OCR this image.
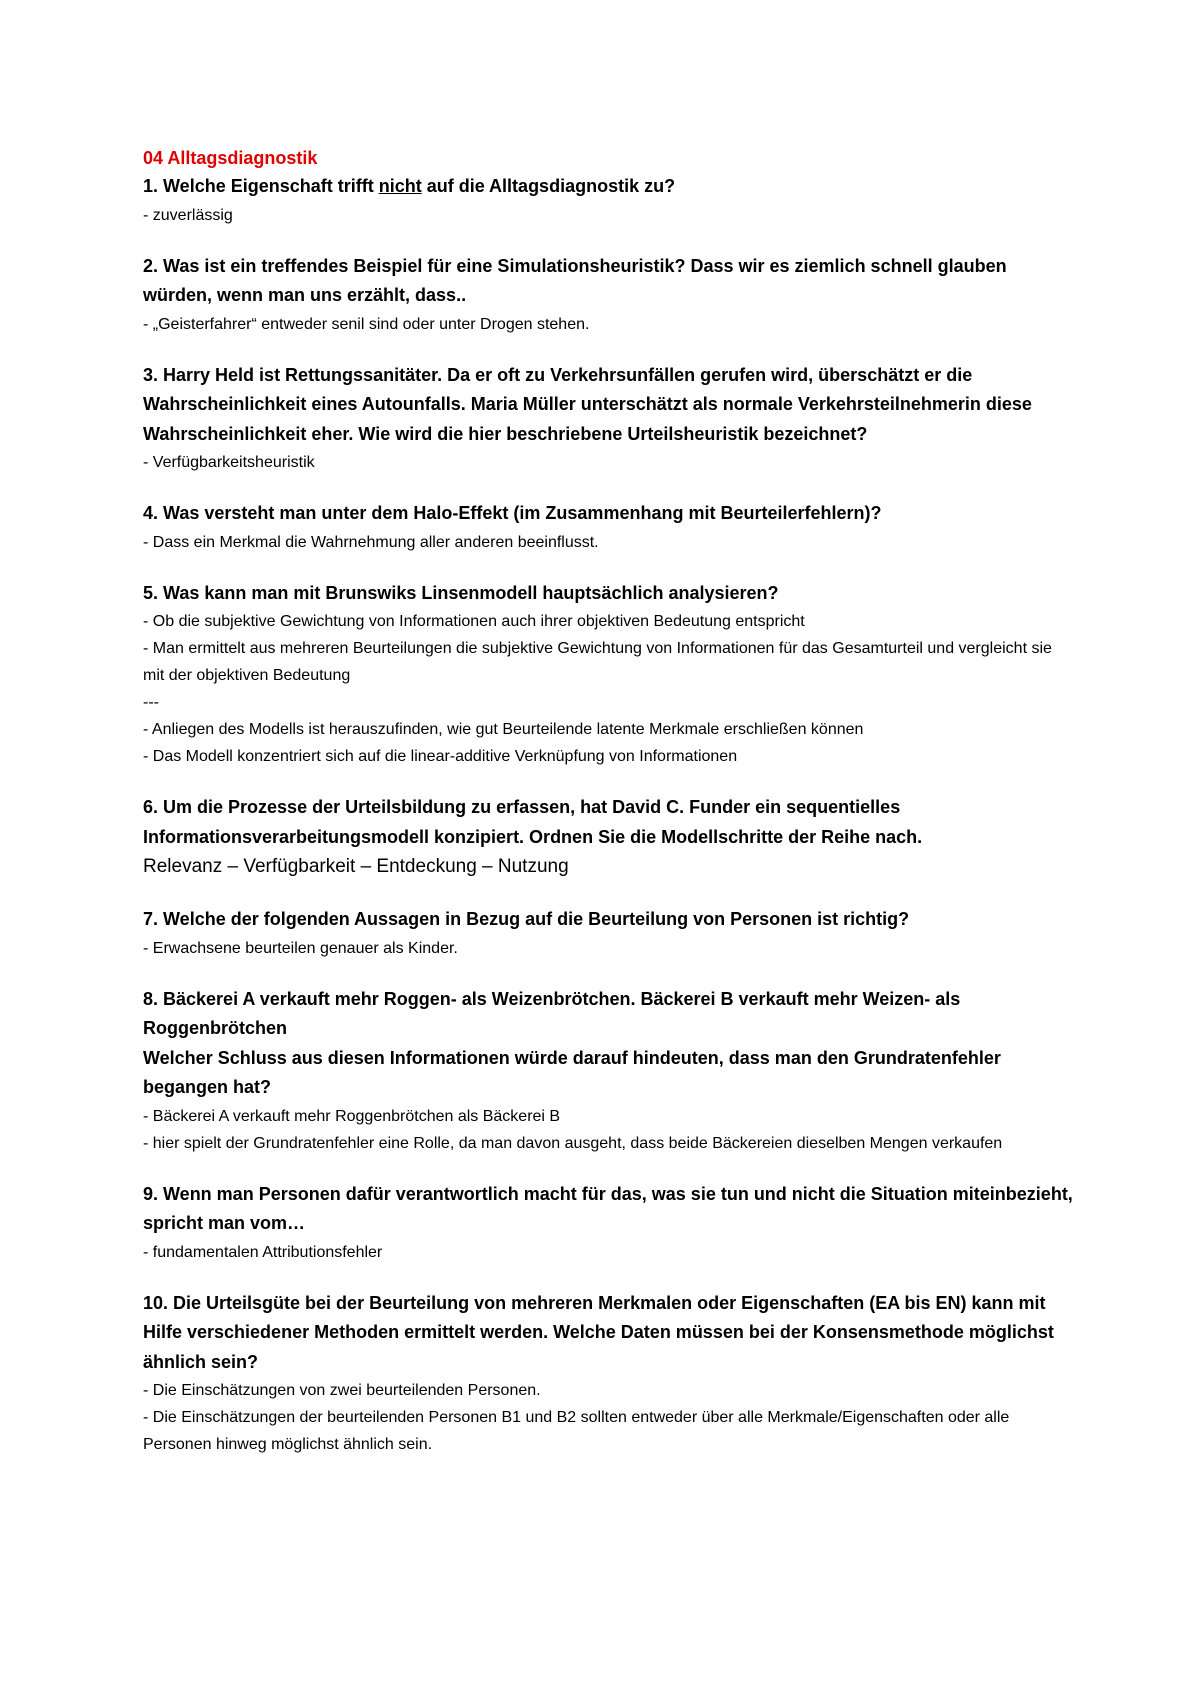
04 Alltagsdiagnostik
1. Welche Eigenschaft trifft nicht auf die Alltagsdiagnostik zu?
- zuverlässig
2. Was ist ein treffendes Beispiel für eine Simulationsheuristik? Dass wir es ziemlich schnell glauben würden, wenn man uns erzählt, dass..
- „Geisterfahrer“ entweder senil sind oder unter Drogen stehen.
3. Harry Held ist Rettungssanitäter. Da er oft zu Verkehrsunfällen gerufen wird, überschätzt er die Wahrscheinlichkeit eines Autounfalls. Maria Müller unterschätzt als normale Verkehrsteilnehmerin diese Wahrscheinlichkeit eher. Wie wird die hier beschriebene Urteilsheuristik bezeichnet?
- Verfügbarkeitsheuristik
4. Was versteht man unter dem Halo-Effekt (im Zusammenhang mit Beurteilerfehlern)?
- Dass ein Merkmal die Wahrnehmung aller anderen beeinflusst.
5. Was kann man mit Brunswiks Linsenmodell hauptsächlich analysieren?
- Ob die subjektive Gewichtung von Informationen auch ihrer objektiven Bedeutung entspricht
- Man ermittelt aus mehreren Beurteilungen die subjektive Gewichtung von Informationen für das Gesamturteil und vergleicht sie mit der objektiven Bedeutung
---
- Anliegen des Modells ist herauszufinden, wie gut Beurteilende latente Merkmale erschließen können
- Das Modell konzentriert sich auf die linear-additive Verknüpfung von Informationen
6. Um die Prozesse der Urteilsbildung zu erfassen, hat David C. Funder ein sequentielles Informationsverarbeitungsmodell konzipiert. Ordnen Sie die Modellschritte der Reihe nach.
Relevanz – Verfügbarkeit – Entdeckung – Nutzung
7. Welche der folgenden Aussagen in Bezug auf die Beurteilung von Personen ist richtig?
- Erwachsene beurteilen genauer als Kinder.
8. Bäckerei A verkauft mehr Roggen- als Weizenbrötchen. Bäckerei B verkauft mehr Weizen- als Roggenbrötchen
Welcher Schluss aus diesen Informationen würde darauf hindeuten, dass man den Grundratenfehler begangen hat?
- Bäckerei A verkauft mehr Roggenbrötchen als Bäckerei B
- hier spielt der Grundratenfehler eine Rolle, da man davon ausgeht, dass beide Bäckereien dieselben Mengen verkaufen
9. Wenn man Personen dafür verantwortlich macht für das, was sie tun und nicht die Situation miteinbezieht, spricht man vom…
- fundamentalen Attributionsfehler
10. Die Urteilsgüte bei der Beurteilung von mehreren Merkmalen oder Eigenschaften (EA bis EN) kann mit Hilfe verschiedener Methoden ermittelt werden. Welche Daten müssen bei der Konsensmethode möglichst ähnlich sein?
- Die Einschätzungen von zwei beurteilenden Personen.
- Die Einschätzungen der beurteilenden Personen B1 und B2 sollten entweder über alle Merkmale/Eigenschaften oder alle Personen hinweg möglichst ähnlich sein.
